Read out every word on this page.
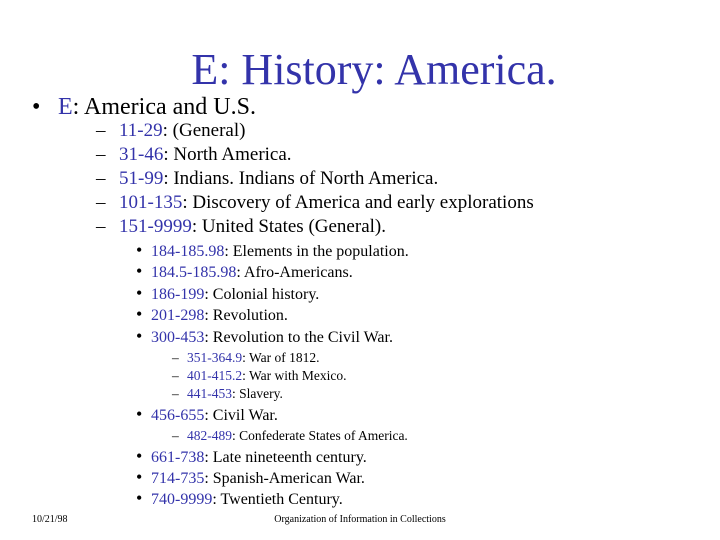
E: History: America.
• E: America and U.S.
– 11-29: (General)
– 31-46: North America.
– 51-99: Indians. Indians of North America.
– 101-135: Discovery of America and early explorations
– 151-9999: United States (General).
• 184-185.98: Elements in the population.
• 184.5-185.98: Afro-Americans.
• 186-199: Colonial history.
• 201-298: Revolution.
• 300-453: Revolution to the Civil War.
– 351-364.9: War of 1812.
– 401-415.2: War with Mexico.
– 441-453: Slavery.
• 456-655: Civil War.
– 482-489: Confederate States of America.
• 661-738: Late nineteenth century.
• 714-735: Spanish-American War.
• 740-9999: Twentieth Century.
10/21/98	Organization of Information in Collections
